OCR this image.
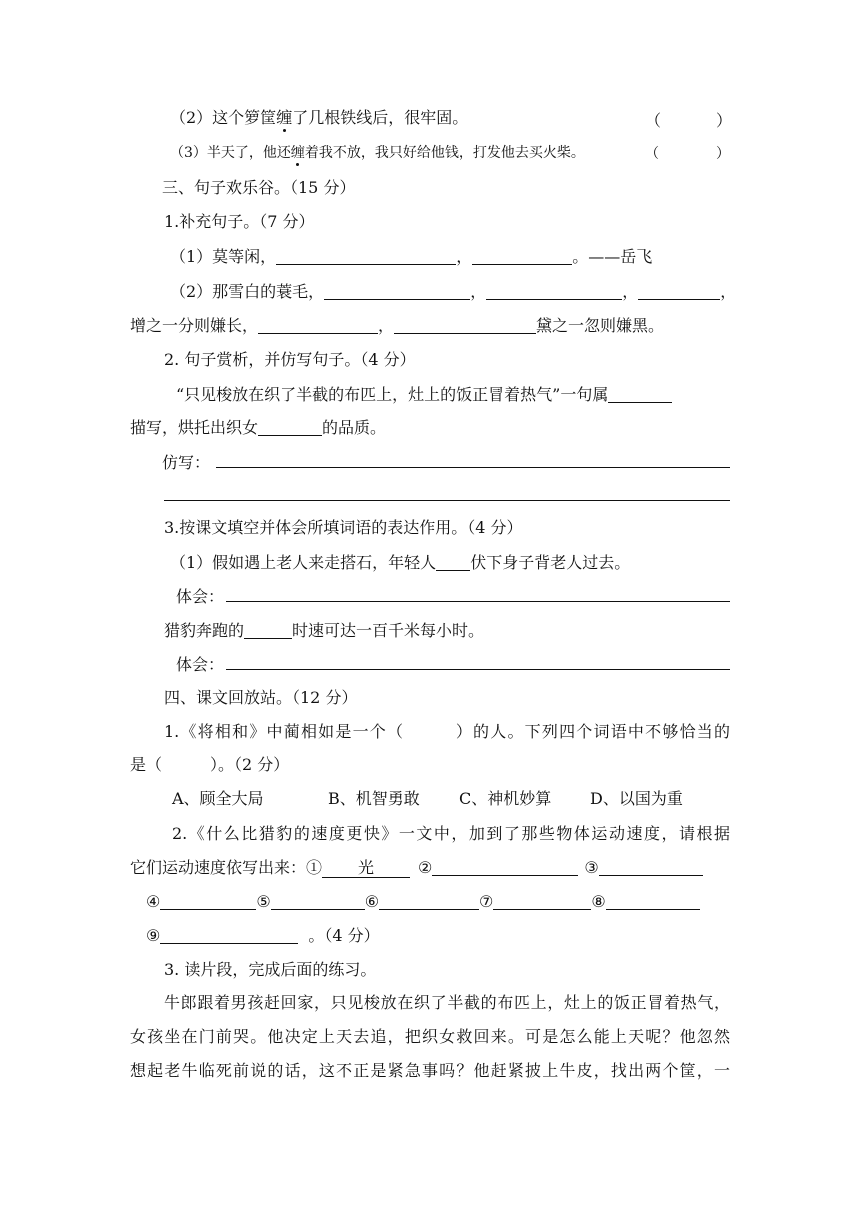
（2）这个箩筐缠了几根铁线后，很牢固。	（	）
（3）半天了，他还缠着我不放，我只好给他钱，打发他去买火柴。	（	）
三、句子欢乐谷。（15 分）
1.补充句子。（7 分）
（1）莫等闲，	，	。——岳飞
（2）那雪白的蓑毛，	，	，	，
增之一分则嫌长，	，	黛之一忽则嫌黑。
2. 句子赏析，并仿写句子。（4 分）
“只见梭放在织了半截的布匹上，灶上的饭正冒着热气”一句属
描写，烘托出织女	的品质。
仿写：
3.按课文填空并体会所填词语的表达作用。（4 分）
（1）假如遇上老人来走搭石，年轻人 伏下身子背老人过去。
体会：
猎豹奔跑的	时速可达一百千米每小时。
体会：
四、课文回放站。（12 分）
1.《将相和》中蔺相如是一个（　　　）的人。下列四个词语中不够恰当的
是（　　　）。（2 分）
A、顾全大局	B、机智勇敢 C、神机妙算 D、以国为重
2.《什么比猎豹的速度更快》一文中，加到了那些物体运动速度，请根据
它们运动速度依写出来：① 光	②	③
④	⑤	⑥	⑦	⑧
⑨	。（4 分）
3. 读片段，完成后面的练习。
牛郎跟着男孩赶回家，只见梭放在织了半截的布匹上，灶上的饭正冒着热气，
女孩坐在门前哭。他决定上天去追，把织女救回来。可是怎么能上天呢？他忽然
想起老牛临死前说的话，这不正是紧急事吗？他赶紧披上牛皮，找出两个筐，一
